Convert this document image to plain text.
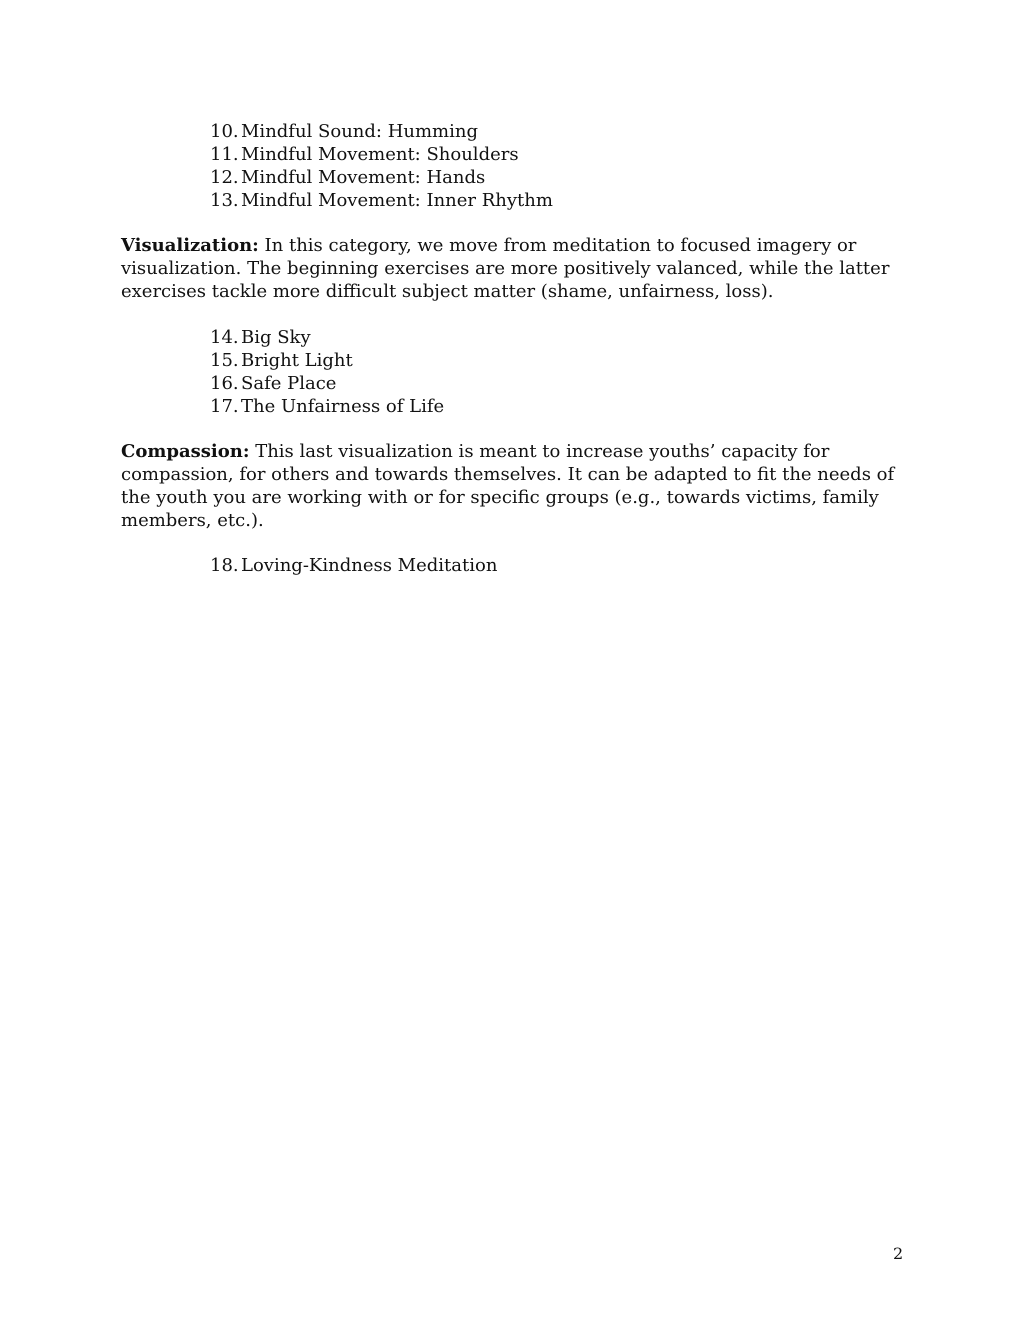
10. Mindful Sound: Humming
11. Mindful Movement: Shoulders
12. Mindful Movement: Hands
13. Mindful Movement: Inner Rhythm

Visualization: In this category, we move from meditation to focused imagery or visualization. The beginning exercises are more positively valanced, while the latter exercises tackle more difficult subject matter (shame, unfairness, loss).

14. Big Sky
15. Bright Light
16. Safe Place
17. The Unfairness of Life

Compassion: This last visualization is meant to increase youths’ capacity for compassion, for others and towards themselves. It can be adapted to fit the needs of the youth you are working with or for specific groups (e.g., towards victims, family members, etc.).

18. Loving-Kindness Meditation
2
